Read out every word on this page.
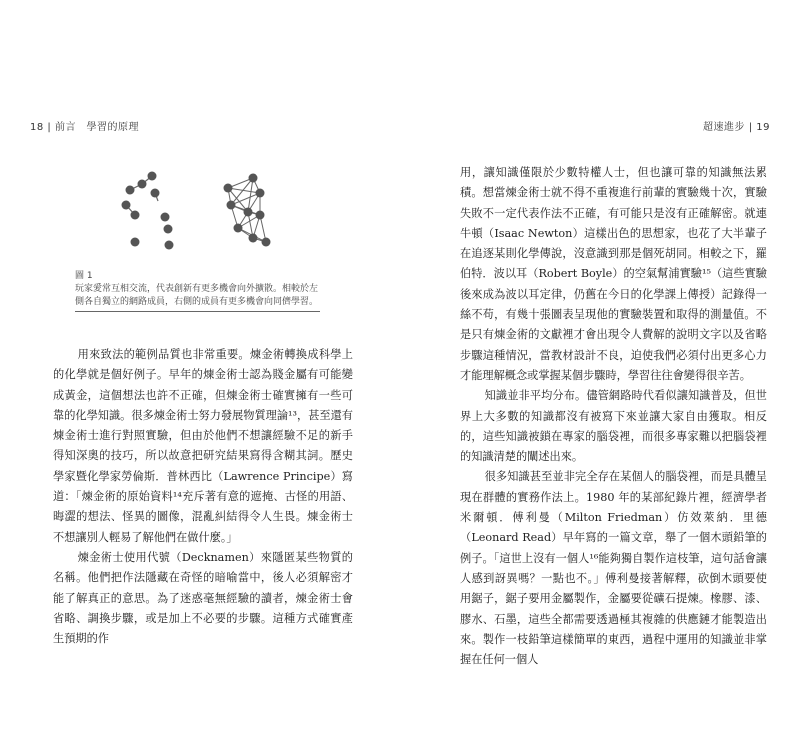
18 | 前言　學習的原理
圖 1
玩家愛常互相交流，代表創新有更多機會向外擴散。相較於左側各自獨立的網路成員，右側的成員有更多機會向同儕學習。

用來致法的範例品質也非常重要。煉金術轉換成科學上的化學就是個好例子。早年的煉金術士認為賤金屬有可能變成黃金，這個想法也許不正確，但煉金術士確實擁有一些可靠的化學知識。很多煉金術士努力發展物質理論¹³，甚至還有煉金術士進行對照實驗，但由於他們不想讓經驗不足的新手得知深奧的技巧，所以故意把研究結果寫得含糊其詞。歷史學家暨化學家勞倫斯．普林西比（Lawrence Principe）寫道：「煉金術的原始資料¹⁴充斥著有意的遮掩、古怪的用語、晦澀的想法、怪異的圖像，混亂糾結得令人生畏。煉金術士不想讓別人輕易了解他們在做什麼。」

煉金術士使用代號（Decknamen）來隱匿某些物質的名稱。他們把作法隱藏在奇怪的暗喻當中，後人必須解密才能了解真正的意思。為了迷惑毫無經驗的讀者，煉金術士會省略、調換步驟，或是加上不必要的步驟。這種方式確實產生預期的作

超速進步 | 19

用，讓知識僅限於少數特權人士，但也讓可靠的知識無法累積。想當煉金術士就不得不重複進行前輩的實驗幾十次，實驗失敗不一定代表作法不正確，有可能只是沒有正確解密。就連牛頓（Isaac Newton）這樣出色的思想家，也花了大半輩子在追逐某則化學傳說，沒意識到那是個死胡同。相較之下，羅伯特．波以耳（Robert Boyle）的空氣幫浦實驗¹⁵（這些實驗後來成為波以耳定律，仍舊在今日的化學課上傳授）記錄得一絲不苟，有幾十張圖表呈現他的實驗裝置和取得的測量值。不是只有煉金術的文獻裡才會出現令人費解的說明文字以及省略步驟這種情況，當教材設計不良，迫使我們必須付出更多心力才能理解概念或掌握某個步驟時，學習往往會變得很辛苦。

知識並非平均分布。儘管網路時代看似讓知識普及，但世界上大多數的知識都沒有被寫下來並讓大家自由獲取。相反的，這些知識被鎖在專家的腦袋裡，而很多專家難以把腦袋裡的知識清楚的闡述出來。

很多知識甚至並非完全存在某個人的腦袋裡，而是具體呈現在群體的實務作法上。1980 年的某部紀錄片裡，經濟學者米爾頓．傅利曼（Milton Friedman）仿效萊納．里德（Leonard Read）早年寫的一篇文章，舉了一個木頭鉛筆的例子。「這世上沒有一個人¹⁶能夠獨自製作這枝筆，這句話會讓人感到訝異嗎？一點也不。」傅利曼接著解釋，砍倒木頭要使用鋸子，鋸子要用金屬製作，金屬要從礦石提煉。橡膠、漆、膠水、石墨，這些全都需要透過極其複雜的供應鏈才能製造出來。製作一枝鉛筆這樣簡單的東西，過程中運用的知識並非掌握在任何一個人
